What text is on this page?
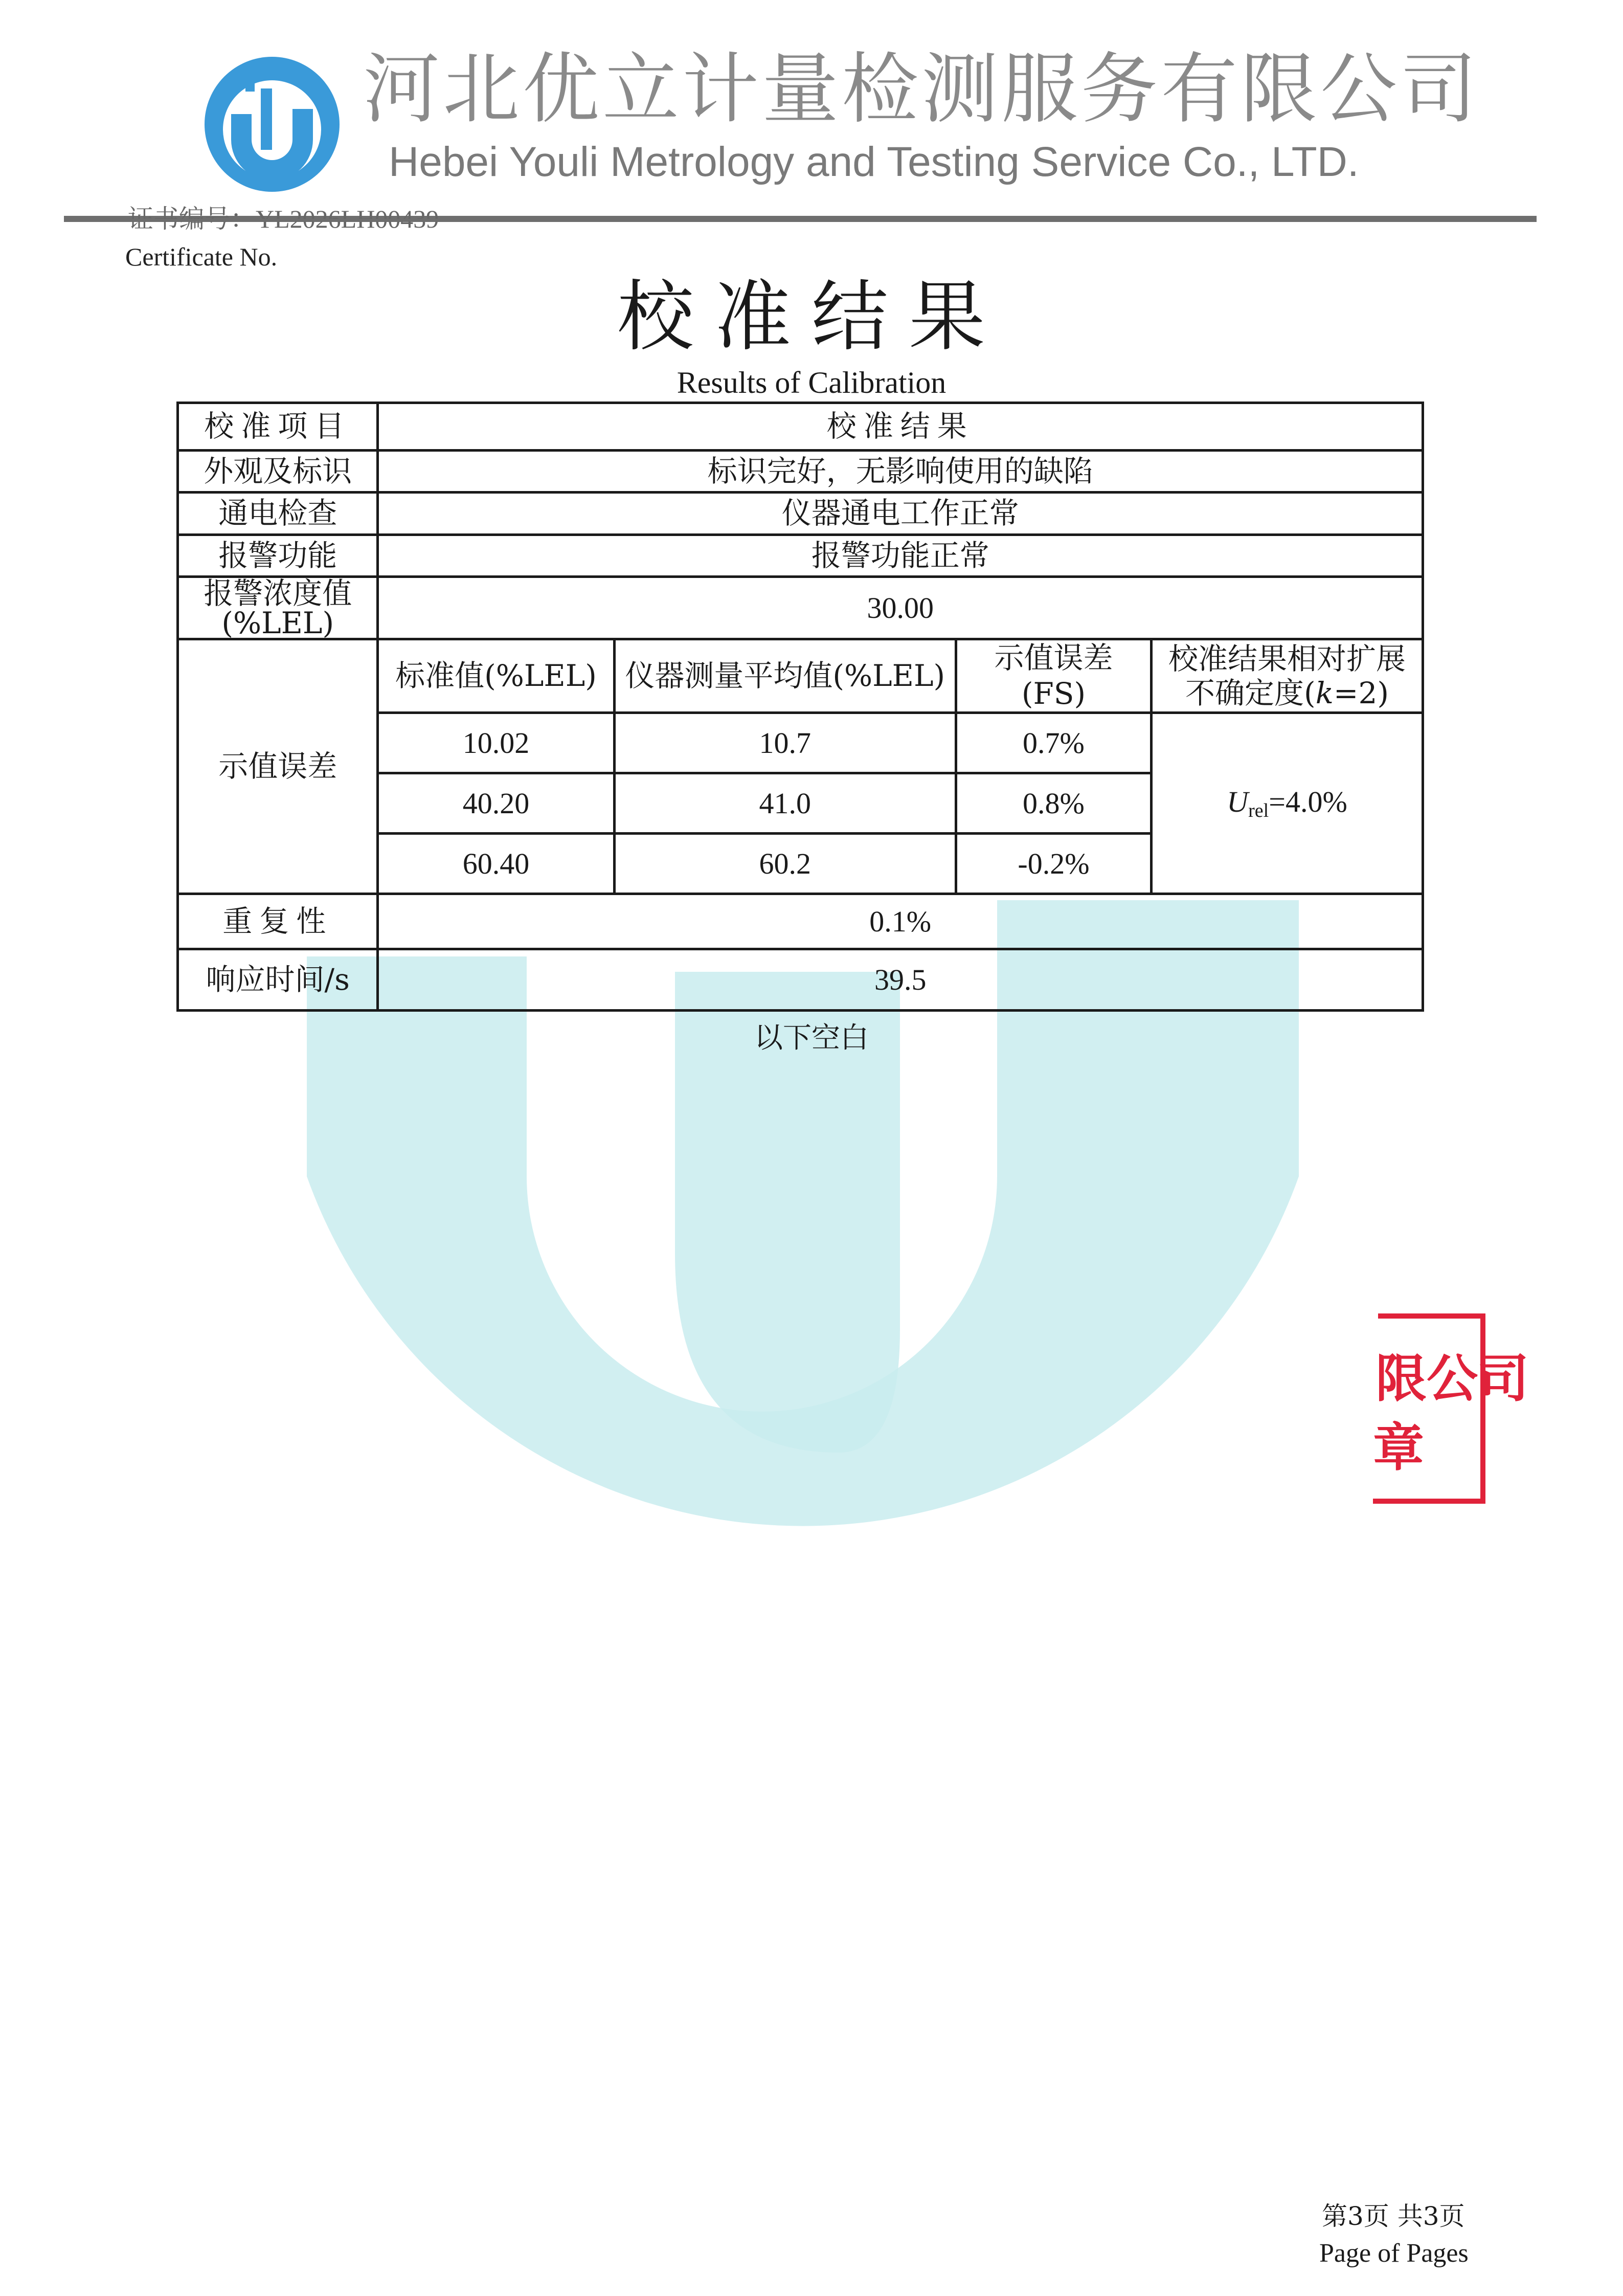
河北优立计量检测服务有限公司
Hebei Youli Metrology and Testing Service Co., LTD.
证书编号：YL2026LH00439
Certificate No.
校准结果
Results of Calibration
校准项目	校准结果			
外观及标识	标识完好，无影响使用的缺陷			
通电检查	仪器通电工作正常			
报警功能	报警功能正常			
报警浓度值
(%LEL)	30.00			
示值误差	标准值(%LEL)	仪器测量平均值(%LEL)	示值误差(FS)	校准结果相对扩展
不确定度(k=2)
	10.02	10.7	0.7%	$U_{rel}=4.0\%$
	40.20	41.0	0.8%	
	60.40	60.2	-0.2%	
重复性	0.1%			
响应时间/s	39.5			
以下空白
限公司
章
第3页 共3页
Page of Pages
